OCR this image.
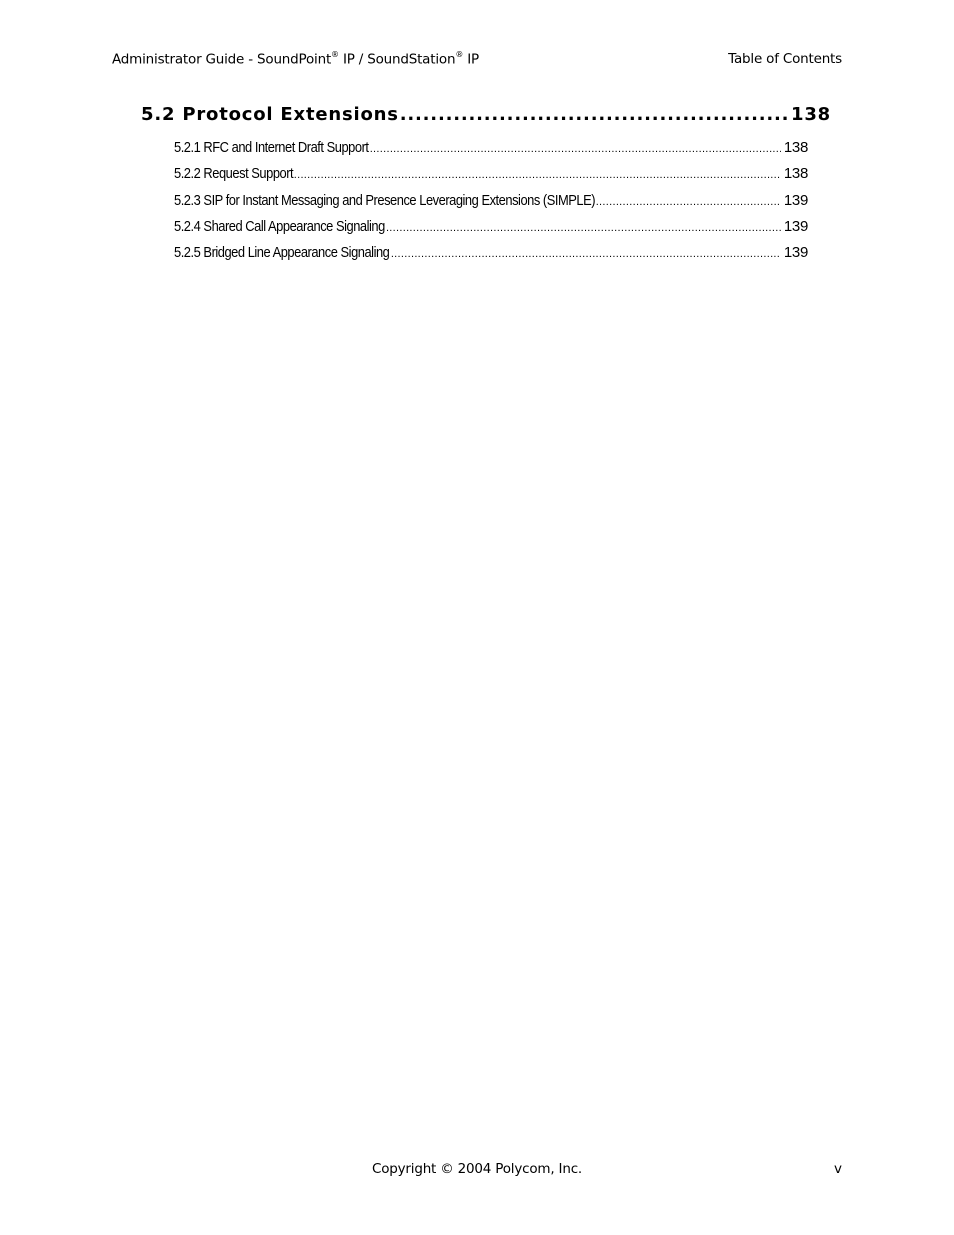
Administrator Guide - SoundPoint® IP / SoundStation® IP	Table of Contents
5.2 Protocol Extensions .....	138
5.2.1 RFC and Internet Draft Support .....	138
5.2.2 Request Support .....	138
5.2.3 SIP for Instant Messaging and Presence Leveraging Extensions (SIMPLE) .....	139
5.2.4 Shared Call Appearance Signaling .....	139
5.2.5 Bridged Line Appearance Signaling .....	139
Copyright © 2004 Polycom, Inc.	v
